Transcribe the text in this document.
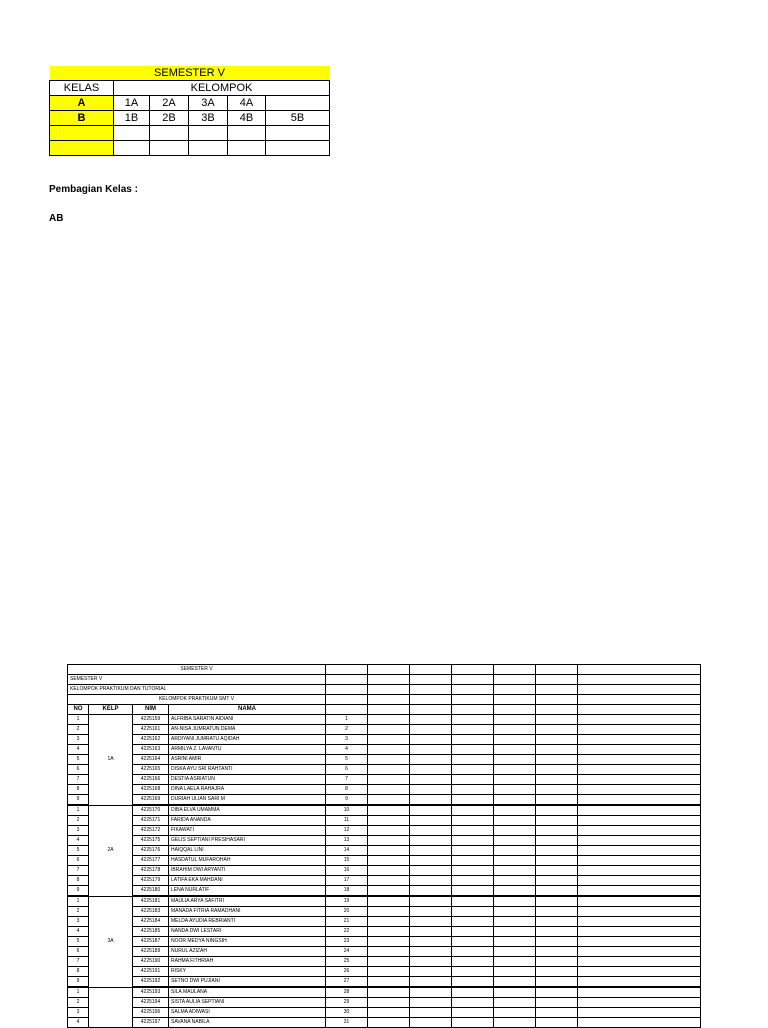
SEMESTER V					
KELAS	KELOMPOK				
A	1A	2A	3A	4A	
B	1B	2B	3B	4B	5B

Pembagian Kelas :
AB
SEMESTER V										
SEMESTER V										
KELOMPOK PRAKTIKUM DAN TUTORIAL										
KELOMPOK PRAKTIKUM SMT V										
NO	KELP	NIM	NAMA							
1	1A	4225159	ALFRIBA SARATIN AIDIANI	1						
2		4225161	AN-NISA JUMRATUN DEMA	2						
3		4225162	ARDIYANI JUMRATU AQIDAH	3						
4		4225163	ARMILYA Z. LAVANTU	4						
5		4225164	ASRINI AMIR	5						
6		4225165	DISKA AYU SRI RAHTANTI	6						
7		4225166	DESTIA ASRIATUN	7						
8		4225168	DINA LAELA RAHAJRA	8						
9		4225169	DURIAH ULIAN SARI M	9						
1	2A	4225170	DIBA ELVA UMAMMA	10						
2		4225171	FARIDA ANANDA	11						
3		4225172	FIKAWATI	12						
4		4225175	GELIS SEPTIANI PRESIHASARI	13						
5		4225176	HAIQQAL LINI	14						
6		4225177	HASDATUL MUFAROHAH	15						
7		4225178	IBRAHIM DWI ARYANTI	16						
8		4225179	LATIFA EKA MAHDANI	17						
9		4225180	LENA NURLATIF	18						
1	3A	4225181	MAULIA ARYA SAFITRI	19						
2		4225183	MANADA FITRIA RAMADHANI	20						
3		4225184	MELDA AYUDIA REBRIANTI	21						
4		4225185	NANDA DWI LESTARI	22						
5		4225187	NOOR MEDYA NINGSIH	23						
6		4225189	NURUL AZIZAH	24						
7		4225190	RAHMA FITHRIAH	25						
8		4225191	RISKY	26						
9		4225192	SETNO DWI PUJIANI	27						
1		4225193	SILA MAULANA	28						
2		4225194	SISTA AULIA SEPTIANI	29						
3		4225196	SALMA ADIWASI	30						
4		4225197	SAVANA NABILA	31						
